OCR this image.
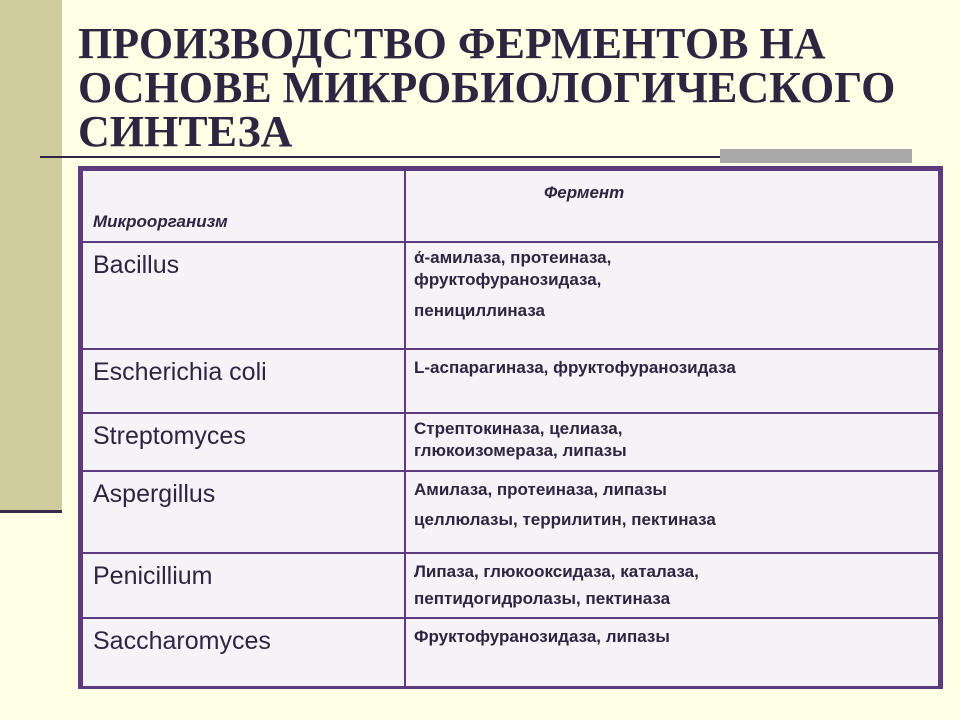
ПРОИЗВОДСТВО ФЕРМЕНТОВ НА
ОСНОВЕ МИКРОБИОЛОГИЧЕСКОГО
СИНТЕЗА
Микроорганизм	Фермент
Bacillus	ά-амилаза, протеиназа,
фруктофуранозидаза,
пенициллиназа

Escherichia coli	L-аспарагиназа, фруктофуранозидаза

Streptomyces	Стрептокиназа, целиаза,
глюкоизомераза, липазы

Aspergillus	Амилаза, протеиназа, липазы
целлюлазы, террилитин, пектиназа

Penicillium	Липаза, глюкооксидаза, каталаза,
пептидогидролазы, пектиназа

Saccharomyces	Фруктофуранозидаза, липазы
